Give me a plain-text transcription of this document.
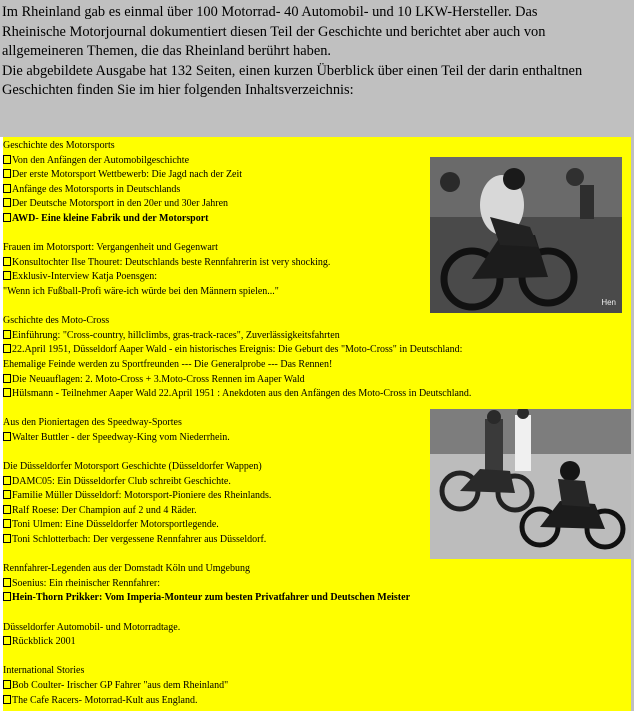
Im Rheinland gab es einmal über 100 Motorrad- 40 Automobil- und 10 LKW-Hersteller. Das
Rheinische Motorjournal dokumentiert diesen Teil der Geschichte und berichtet aber auch von
allgemeineren Themen, die das Rheinland berührt haben.
Die abgebildete Ausgabe hat 132 Seiten, einen kurzen Überblick über einen Teil der darin enthaltnen
Geschichten finden Sie im hier folgenden Inhaltsverzeichnis:
Geschichte des Motorsports
Von den Anfängen der Automobilgeschichte
Der erste Motorsport Wettbewerb: Die Jagd nach der Zeit
Anfänge des Motorsports in Deutschlands
Der Deutsche Motorsport in den 20er und 30er Jahren
AWD- Eine kleine Fabrik und der Motorsport
Frauen im Motorsport: Vergangenheit und Gegenwart
Konsultochter Ilse Thouret: Deutschlands beste Rennfahrerin ist very shocking.
Exklusiv-Interview Katja Poensgen:
"Wenn ich Fußball-Profi wäre-ich würde bei den Männern spielen..."
Gschichte des Moto-Cross
Einführung: "Cross-country, hillclimbs, gras-track-races", Zuverlässigkeitsfahrten
22.April 1951, Düsseldorf Aaper Wald - ein historisches Ereignis: Die Geburt des "Moto-Cross" in Deutschland:
Ehemalige Feinde werden zu Sportfreunden --- Die Generalprobe --- Das Rennen!
Die Neuauflagen: 2. Moto-Cross + 3.Moto-Cross Rennen im Aaper Wald
Hülsmann - Teilnehmer Aaper Wald 22.April 1951 : Anekdoten aus den Anfängen des Moto-Cross in Deutschland.
Aus den Pioniertagen des Speedway-Sportes
Walter Buttler - der Speedway-King vom Niederrhein.
Die Düsseldorfer Motorsport Geschichte (Düsseldorfer Wappen)
DAMC05: Ein Düsseldorfer Club schreibt Geschichte.
Familie Müller Düsseldorf: Motorsport-Pioniere des Rheinlands.
Ralf Roese: Der Champion auf 2 und 4 Räder.
Toni Ulmen: Eine Düsseldorfer Motorsportlegende.
Toni Schlotterbach: Der vergessene Rennfahrer aus Düsseldorf.
Rennfahrer-Legenden aus der Domstadt Köln und Umgebung
Soenius: Ein rheinischer Rennfahrer:
Hein-Thorn Prikker: Vom Imperia-Monteur zum besten Privatfahrer und Deutschen Meister
Düsseldorfer Automobil- und Motorradtage.
Rückblick 2001
International Stories
Bob Coulter- Irischer GP Fahrer "aus dem Rheinland"
The Cafe Racers- Motorrad-Kult aus England.
Hen
